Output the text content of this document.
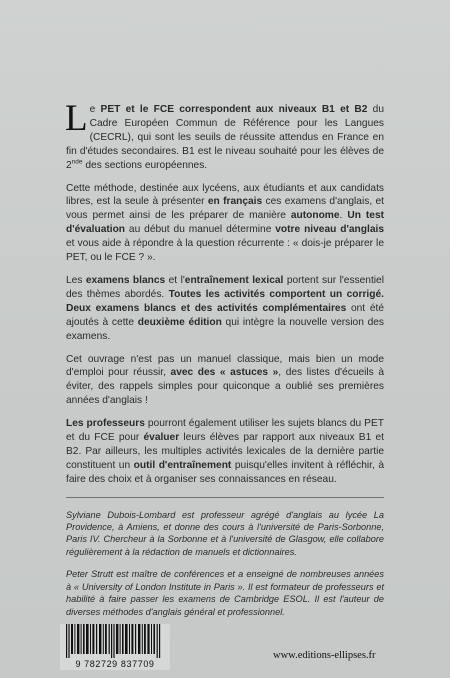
Le PET et le FCE correspondent aux niveaux B1 et B2 du Cadre Européen Commun de Référence pour les Langues (CECRL), qui sont les seuils de réussite attendus en France en fin d'études secondaires. B1 est le niveau souhaité pour les élèves de 2nde des sections européennes.

Cette méthode, destinée aux lycéens, aux étudiants et aux candidats libres, est la seule à présenter en français ces examens d'anglais, et vous permet ainsi de les préparer de manière autonome. Un test d'évaluation au début du manuel détermine votre niveau d'anglais et vous aide à répondre à la question récurrente : « dois-je préparer le PET, ou le FCE ? ».

Les examens blancs et l'entraînement lexical portent sur l'essentiel des thèmes abordés. Toutes les activités comportent un corrigé. Deux examens blancs et des activités complémentaires ont été ajoutés à cette deuxième édition qui intègre la nouvelle version des examens.

Cet ouvrage n'est pas un manuel classique, mais bien un mode d'emploi pour réussir, avec des « astuces », des listes d'écueils à éviter, des rappels simples pour quiconque a oublié ses premières années d'anglais !

Les professeurs pourront également utiliser les sujets blancs du PET et du FCE pour évaluer leurs élèves par rapport aux niveaux B1 et B2. Par ailleurs, les multiples activités lexicales de la dernière partie constituent un outil d'entraînement puisqu'elles invitent à réfléchir, à faire des choix et à organiser ses connaissances en réseau.

Sylviane Dubois-Lombard est professeur agrégé d'anglais au lycée La Providence, à Amiens, et donne des cours à l'université de Paris-Sorbonne, Paris IV. Chercheur à la Sorbonne et à l'université de Glasgow, elle collabore régulièrement à la rédaction de manuels et dictionnaires.

Peter Strutt est maître de conférences et a enseigné de nombreuses années à « University of London Institute in Paris ». Il est formateur de professeurs et habilité à faire passer les examens de Cambridge ESOL. Il est l'auteur de diverses méthodes d'anglais général et professionnel.

9 782729 837709
www.editions-ellipses.fr
